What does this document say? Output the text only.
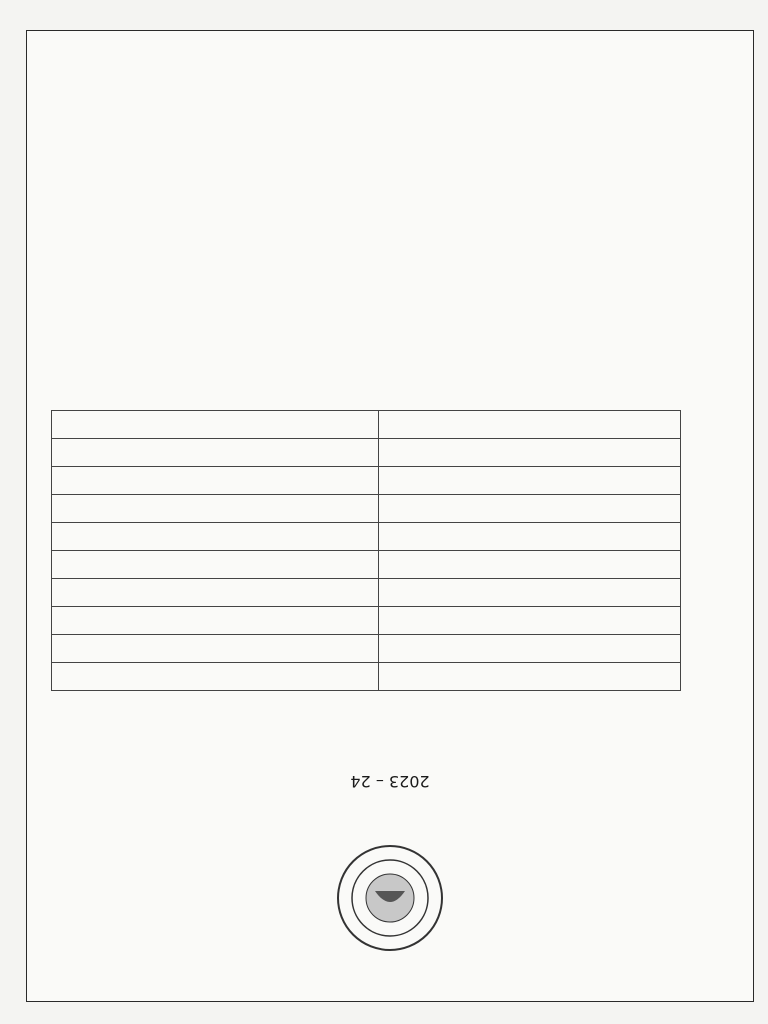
2023 – 24
